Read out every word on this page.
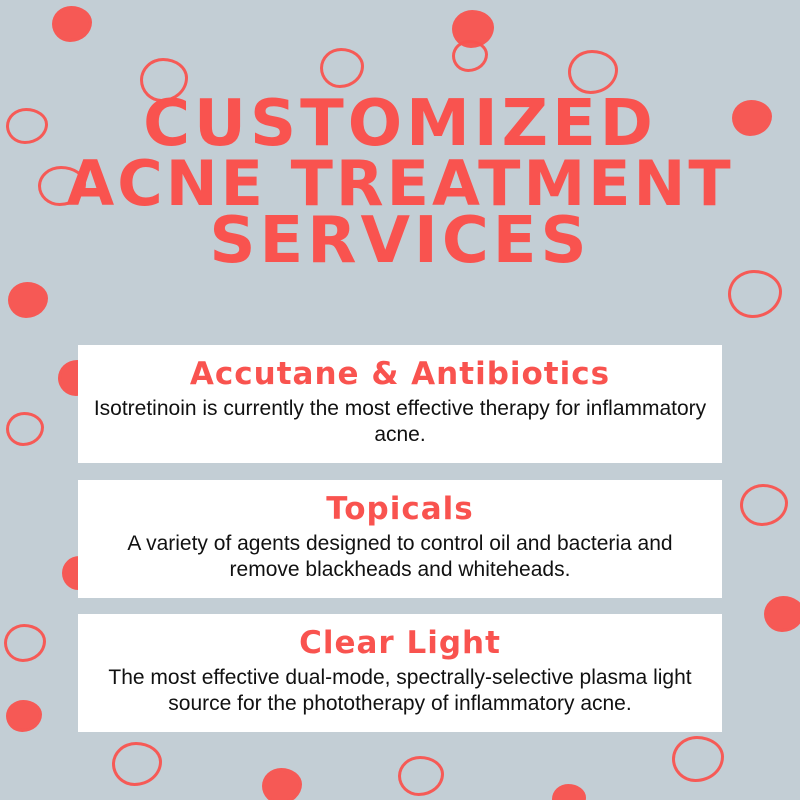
CUSTOMIZED
ACNE TREATMENT
SERVICES

Accutane & Antibiotics

Isotretinoin is currently the most effective therapy for inflammatory acne.

Topicals

A variety of agents designed to control oil and bacteria and remove blackheads and whiteheads.

Clear Light

The most effective dual-mode, spectrally-selective plasma light source for the phototherapy of inflammatory acne.
